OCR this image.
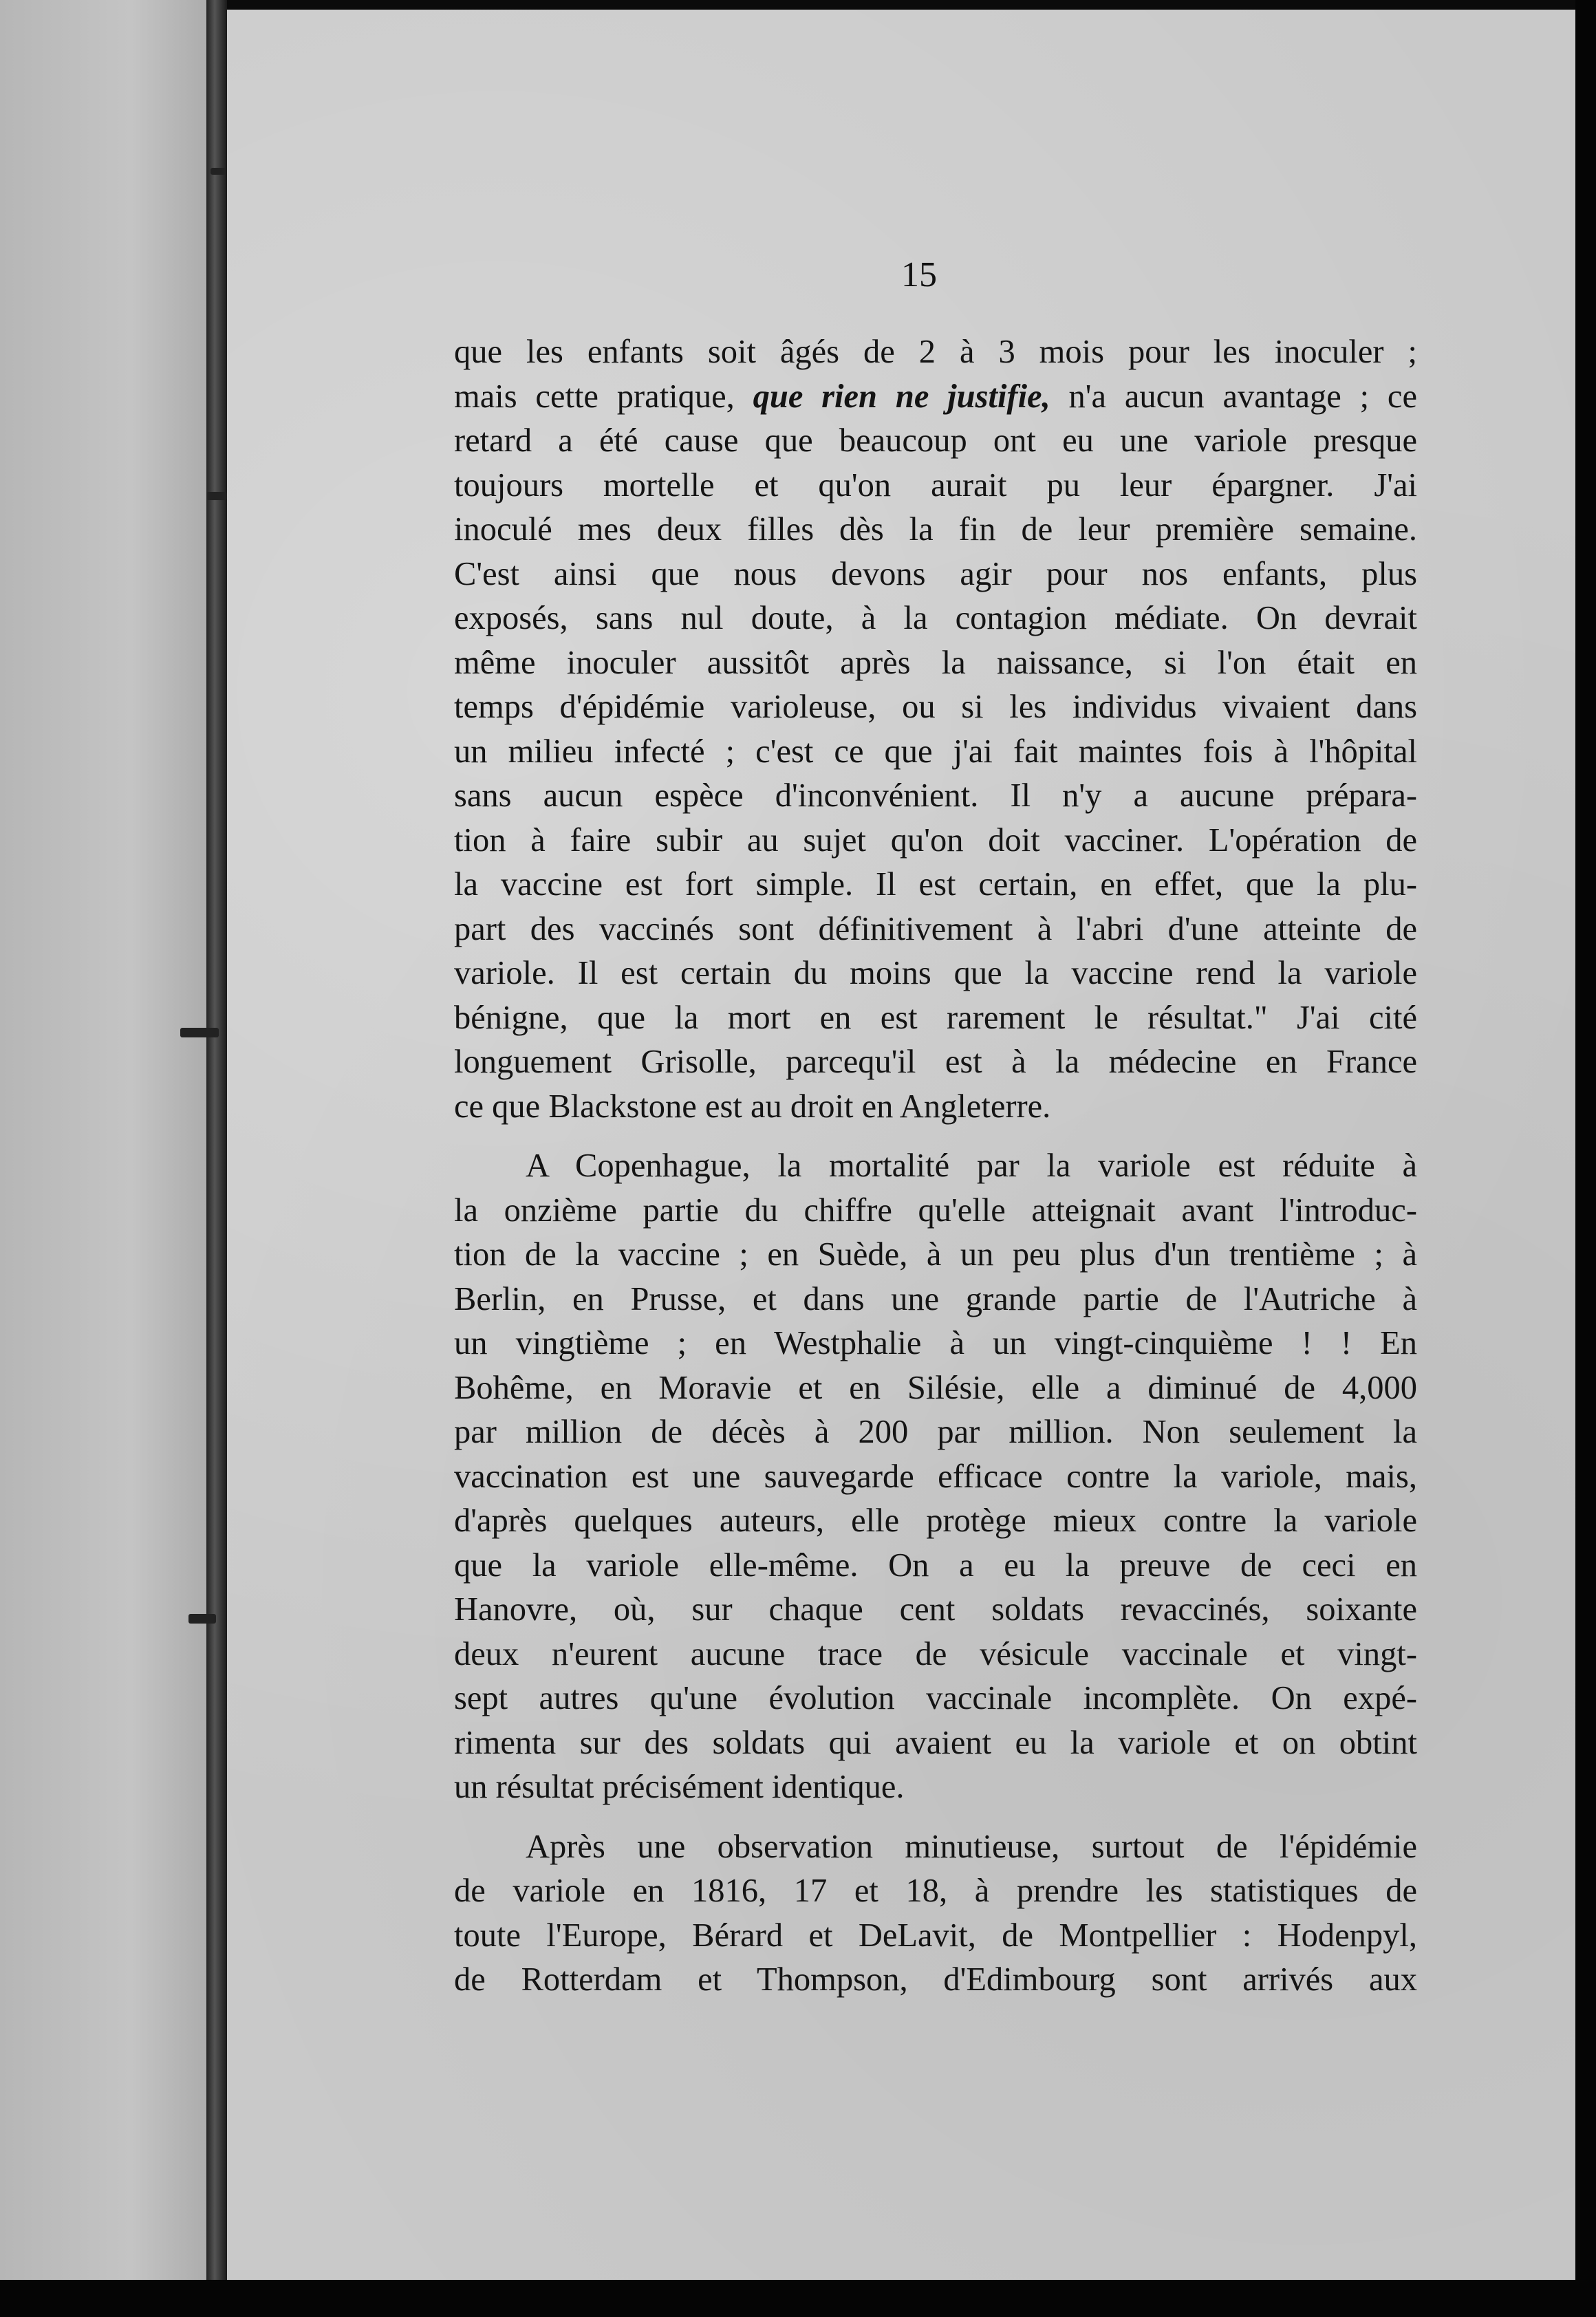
15
que les enfants soit âgés de 2 à 3 mois pour les inoculer ;
mais cette pratique, que rien ne justifie, n'a aucun avantage ; ce
retard a été cause que beaucoup ont eu une variole presque
toujours mortelle et qu'on aurait pu leur épargner. J'ai
inoculé mes deux filles dès la fin de leur première semaine.
C'est ainsi que nous devons agir pour nos enfants, plus
exposés, sans nul doute, à la contagion médiate. On devrait
même inoculer aussitôt après la naissance, si l'on était en
temps d'épidémie varioleuse, ou si les individus vivaient dans
un milieu infecté ; c'est ce que j'ai fait maintes fois à l'hôpital
sans aucun espèce d'inconvénient. Il n'y a aucune prépara-
tion à faire subir au sujet qu'on doit vacciner. L'opération de
la vaccine est fort simple. Il est certain, en effet, que la plu-
part des vaccinés sont définitivement à l'abri d'une atteinte de
variole. Il est certain du moins que la vaccine rend la variole
bénigne, que la mort en est rarement le résultat." J'ai cité
longuement Grisolle, parcequ'il est à la médecine en France
ce que Blackstone est au droit en Angleterre.
A Copenhague, la mortalité par la variole est réduite à
la onzième partie du chiffre qu'elle atteignait avant l'introduc-
tion de la vaccine ; en Suède, à un peu plus d'un trentième ; à
Berlin, en Prusse, et dans une grande partie de l'Autriche à
un vingtième ; en Westphalie à un vingt-cinquième ! ! En
Bohême, en Moravie et en Silésie, elle a diminué de 4,000
par million de décès à 200 par million. Non seulement la
vaccination est une sauvegarde efficace contre la variole, mais,
d'après quelques auteurs, elle protège mieux contre la variole
que la variole elle-même. On a eu la preuve de ceci en
Hanovre, où, sur chaque cent soldats revaccinés, soixante
deux n'eurent aucune trace de vésicule vaccinale et vingt-
sept autres qu'une évolution vaccinale incomplète. On expé-
rimenta sur des soldats qui avaient eu la variole et on obtint
un résultat précisément identique.
Après une observation minutieuse, surtout de l'épidémie
de variole en 1816, 17 et 18, à prendre les statistiques de
toute l'Europe, Bérard et DeLavit, de Montpellier : Hodenpyl,
de Rotterdam et Thompson, d'Edimbourg sont arrivés aux
